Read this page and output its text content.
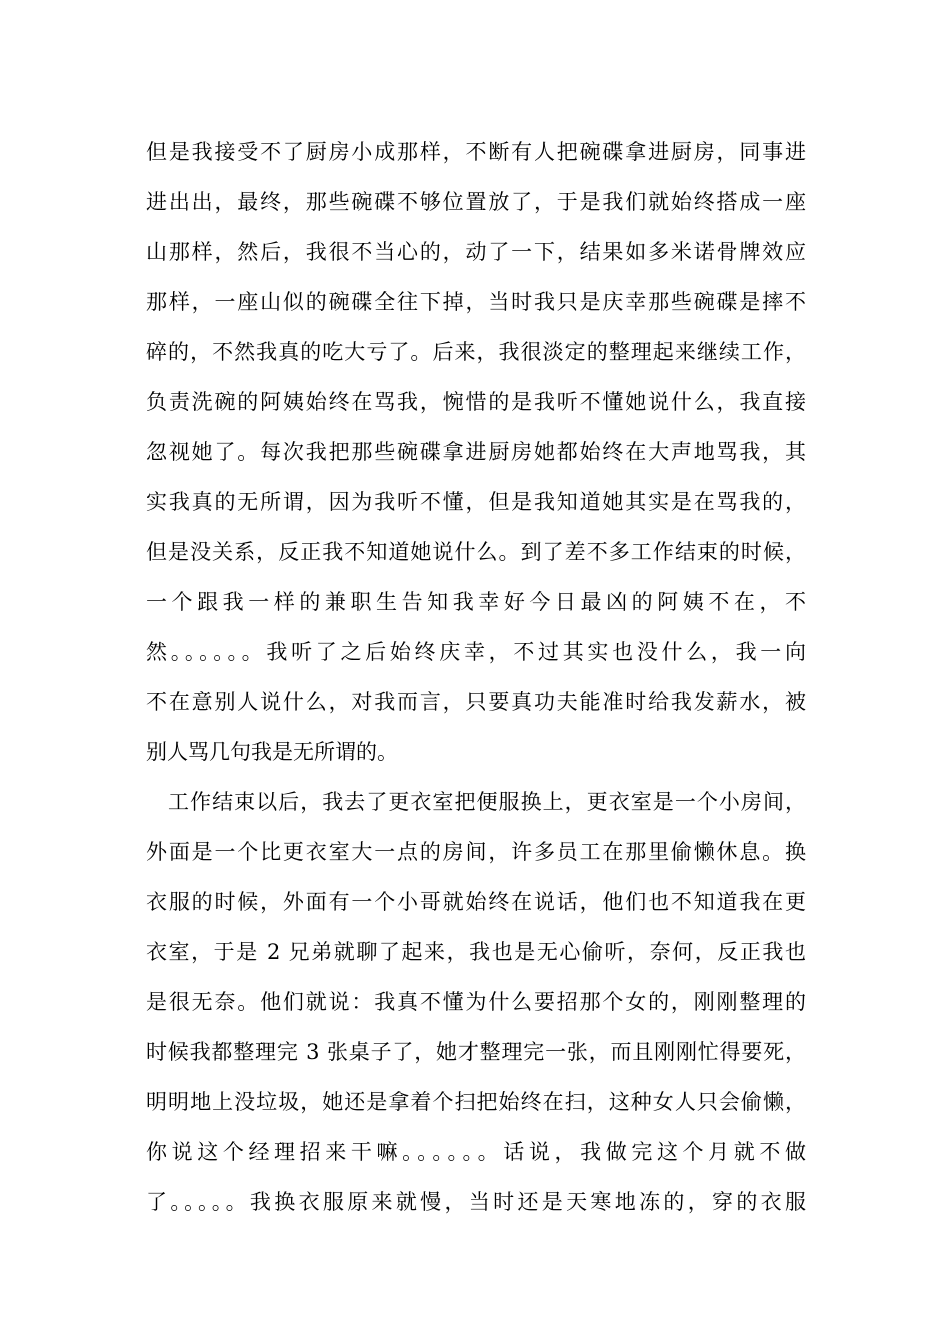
但是我接受不了厨房小成那样，不断有人把碗碟拿进厨房，同事进
进出出，最终，那些碗碟不够位置放了，于是我们就始终搭成一座
山那样，然后，我很不当心的，动了一下，结果如多米诺骨牌效应
那样，一座山似的碗碟全往下掉，当时我只是庆幸那些碗碟是摔不
碎的，不然我真的吃大亏了。后来，我很淡定的整理起来继续工作，
负责洗碗的阿姨始终在骂我，惋惜的是我听不懂她说什么，我直接
忽视她了。每次我把那些碗碟拿进厨房她都始终在大声地骂我，其
实我真的无所谓，因为我听不懂，但是我知道她其实是在骂我的，
但是没关系，反正我不知道她说什么。到了差不多工作结束的时候，
一个跟我一样的兼职生告知我幸好今日最凶的阿姨不在，不
然。。。。。。我听了之后始终庆幸，不过其实也没什么，我一向
不在意别人说什么，对我而言，只要真功夫能准时给我发薪水，被
别人骂几句我是无所谓的。
工作结束以后，我去了更衣室把便服换上，更衣室是一个小房间，
外面是一个比更衣室大一点的房间，许多员工在那里偷懒休息。换
衣服的时候，外面有一个小哥就始终在说话，他们也不知道我在更
衣室，于是 2 兄弟就聊了起来，我也是无心偷听，奈何，反正我也
是很无奈。他们就说：我真不懂为什么要招那个女的，刚刚整理的
时候我都整理完 3 张桌子了，她才整理完一张，而且刚刚忙得要死，
明明地上没垃圾，她还是拿着个扫把始终在扫，这种女人只会偷懒，
你说这个经理招来干嘛。。。。。。话说，我做完这个月就不做
了。。。。。我换衣服原来就慢，当时还是天寒地冻的，穿的衣服
